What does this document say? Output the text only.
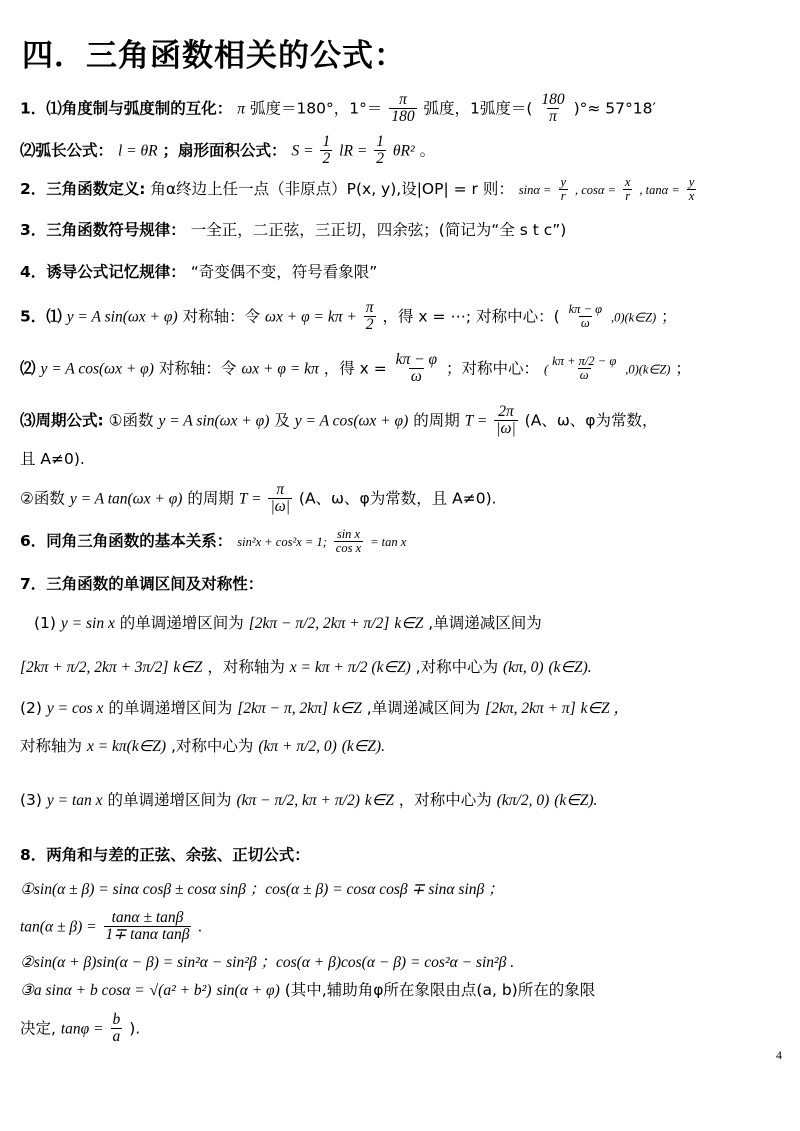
四．三角函数相关的公式：
1．⑴角度制与弧度制的互化： π 弧度＝180°，$1^\circ= \frac{\pi}{180}$ 弧度，1弧度＝( $\frac{180}{\pi}$ )°≈ 57°18′
⑵弧长公式： l = θR ；扇形面积公式： $S = \frac{1}{2}$ lR = $\frac{1}{2} \theta R^2$ 。
2．三角函数定义: 角α终边上任一点（非原点）P(x, y),设|OP| = r 则： $\sin\alpha = \frac{y}{r}$ , $\cos\alpha = \frac{x}{r}$ , $\tan\alpha = \frac{y}{x}$
3．三角函数符号规律： 一全正，二正弦，三正切，四余弦；(简记为“全 s t c”)
4．诱导公式记忆规律： “奇变偶不变，符号看象限”
5．⑴ y = A sin(ωx + φ) 对称轴：令 $\omega x + \varphi = k\pi + \frac{\pi}{2}$ ，得 x = ⋯; 对称中心：( $\frac{k\pi - \varphi}{\omega}$ ,0)(k∈Z) ；
⑵ y = A cos(ωx + φ) 对称轴：令 ωx + φ = kπ ，得 $x = \frac{k\pi - \varphi}{\omega}$ ；对称中心： ( $\frac{k\pi + \pi/2 - \varphi}{\omega}$ ,0)(k∈Z) ；
⑶周期公式: ①函数 y = A sin(ωx + φ) 及 y = A cos(ωx + φ) 的周期 $T = \frac{2\pi}{|\omega|} (A$、ω、φ为常数，
且 A≠0).
②函数 y = A tan(ωx + φ) 的周期 $T = \frac{\pi}{|\omega|} (A$、ω、φ为常数，且 A≠0).
6．同角三角函数的基本关系： sin²x + cos²x = 1; $\frac{\text{sin x}}{\text{cos x}} = \tan x$
7．三角函数的单调区间及对称性：
(1) y = sin x 的单调递增区间为 [2kπ − π/2, 2kπ + π/2] k∈Z ,单调递减区间为
[2kπ + π/2, 2kπ + 3π/2] k∈Z ，对称轴为 x = kπ + π/2 (k∈Z) ,对称中心为 (kπ, 0) (k∈Z).
(2) y = cos x 的单调递增区间为 [2kπ − π, 2kπ] k∈Z ,单调递减区间为 [2kπ, 2kπ + π] k∈Z ，
对称轴为 x = kπ(k∈Z) ,对称中心为 (kπ + π/2, 0) (k∈Z).
(3) y = tan x 的单调递增区间为 (kπ − π/2, kπ + π/2) k∈Z ，对称中心为 (kπ/2, 0) (k∈Z).
8．两角和与差的正弦、余弦、正切公式：
①sin(α ± β) = sinα cosβ ± cosα sinβ ；cos(α ± β) = cosα cosβ ∓ sinα sinβ ；
$\tan(\alpha \pm \beta) = \frac{\tan\alpha \pm \tan\beta}{\text{1∓ tanα tanβ}}$ .
②sin(α + β)sin(α − β) = sin²α − sin²β ；cos(α + β)cos(α − β) = cos²α − sin²β .
③a sinα + b cosα = √(a² + b²) sin(α + φ) (其中,辅助角φ所在象限由点(a, b)所在的象限
决定, $\tan\varphi = \frac{b}{a}$ ).
4
